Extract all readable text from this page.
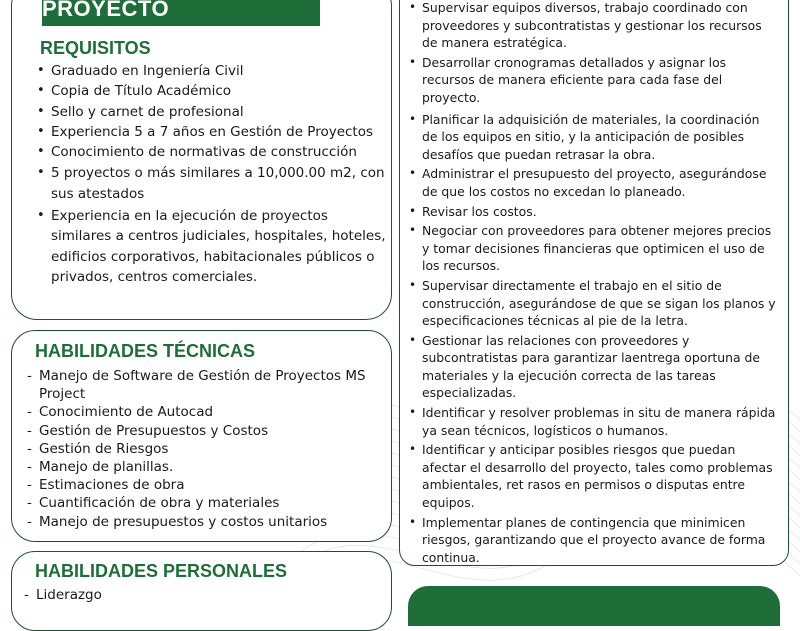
PROYECTO
REQUISITOS
• Graduado en Ingeniería Civil
• Copia de Título Académico
• Sello y carnet de profesional
• Experiencia 5 a 7 años en Gestión de Proyectos
• Conocimiento de normativas de construcción
• 5 proyectos o más similares a 10,000.00 m2, con sus atestados
• Experiencia en la ejecución de proyectos similares a centros judiciales, hospitales, hoteles, edificios corporativos, habitacionales públicos o privados, centros comerciales.
HABILIDADES TÉCNICAS
- Manejo de Software de Gestión de Proyectos MS Project
- Conocimiento de Autocad
- Gestión de Presupuestos y Costos
- Gestión de Riesgos
- Manejo de planillas.
- Estimaciones de obra
- Cuantificación de obra y materiales
- Manejo de presupuestos y costos unitarios
HABILIDADES PERSONALES
- Liderazgo
• Supervisar equipos diversos, trabajo coordinado con proveedores y subcontratistas y gestionar los recursos de manera estratégica.
• Desarrollar cronogramas detallados y asignar los recursos de manera eficiente para cada fase del proyecto.
• Planificar la adquisición de materiales, la coordinación de los equipos en sitio, y la anticipación de posibles desafíos que puedan retrasar la obra.
• Administrar el presupuesto del proyecto, asegurándose de que los costos no excedan lo planeado.
• Revisar los costos.
• Negociar con proveedores para obtener mejores precios y tomar decisiones financieras que optimicen el uso de los recursos.
• Supervisar directamente el trabajo en el sitio de construcción, asegurándose de que se sigan los planos y especificaciones técnicas al pie de la letra.
• Gestionar las relaciones con proveedores y subcontratistas para garantizar laentrega oportuna de materiales y la ejecución correcta de las tareas especializadas.
• Identificar y resolver problemas in situ de manera rápida ya sean técnicos, logísticos o humanos.
• Identificar y anticipar posibles riesgos que puedan afectar el desarrollo del proyecto, tales como problemas ambientales, ret rasos en permisos o disputas entre equipos.
• Implementar planes de contingencia que minimicen riesgos, garantizando que el proyecto avance de forma continua.
